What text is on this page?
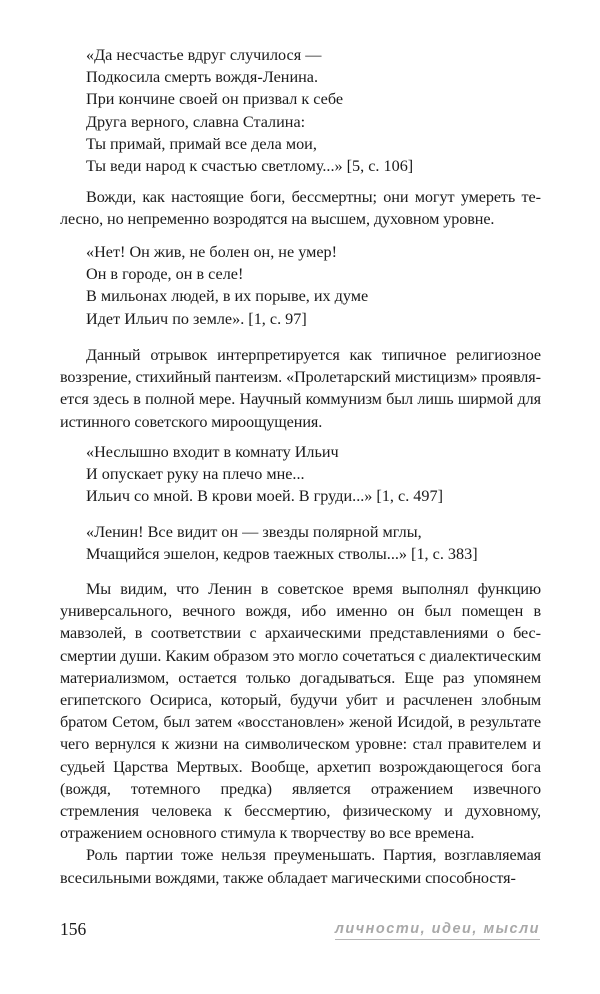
«Да несчастье вдруг случилося —
Подкосила смерть вождя-Ленина.
При кончине своей он призвал к себе
Друга верного, славна Сталина:
Ты примай, примай все дела мои,
Ты веди народ к счастью светлому...» [5, с. 106]

Вожди, как настоящие боги, бессмертны; они могут умереть телесно, но непременно возродятся на высшем, духовном уровне.

«Нет! Он жив, не болен он, не умер!
Он в городе, он в селе!
В мильонах людей, в их порыве, их думе
Идет Ильич по земле». [1, с. 97]

Данный отрывок интерпретируется как типичное религиозное воззрение, стихийный пантеизм. «Пролетарский мистицизм» проявляется здесь в полной мере. Научный коммунизм был лишь ширмой для истинного советского мироощущения.

«Неслышно входит в комнату Ильич
И опускает руку на плечо мне...
Ильич со мной. В крови моей. В груди...» [1, с. 497]
«Ленин! Все видит он — звезды полярной мглы,
Мчащийся эшелон, кедров таежных стволы...» [1, с. 383]

Мы видим, что Ленин в советское время выполнял функцию универсального, вечного вождя, ибо именно он был помещен в мавзолей, в соответствии с архаическими представлениями о бессмертии души. Каким образом это могло сочетаться с диалектическим материализмом, остается только догадываться. Еще раз упомянем египетского Осириса, который, будучи убит и расчленен злобным братом Сетом, был затем «восстановлен» женой Исидой, в результате чего вернулся к жизни на символическом уровне: стал правителем и судьей Царства Мертвых. Вообще, архетип возрождающегося бога (вождя, тотемного предка) является отражением извечного стремления человека к бессмертию, физическому и духовному, отражением основного стимула к творчеству во все времена.

Роль партии тоже нельзя преуменьшать. Партия, возглавляемая всесильными вождями, также обладает магическими способностя-

156	личности, идеи, мысли
